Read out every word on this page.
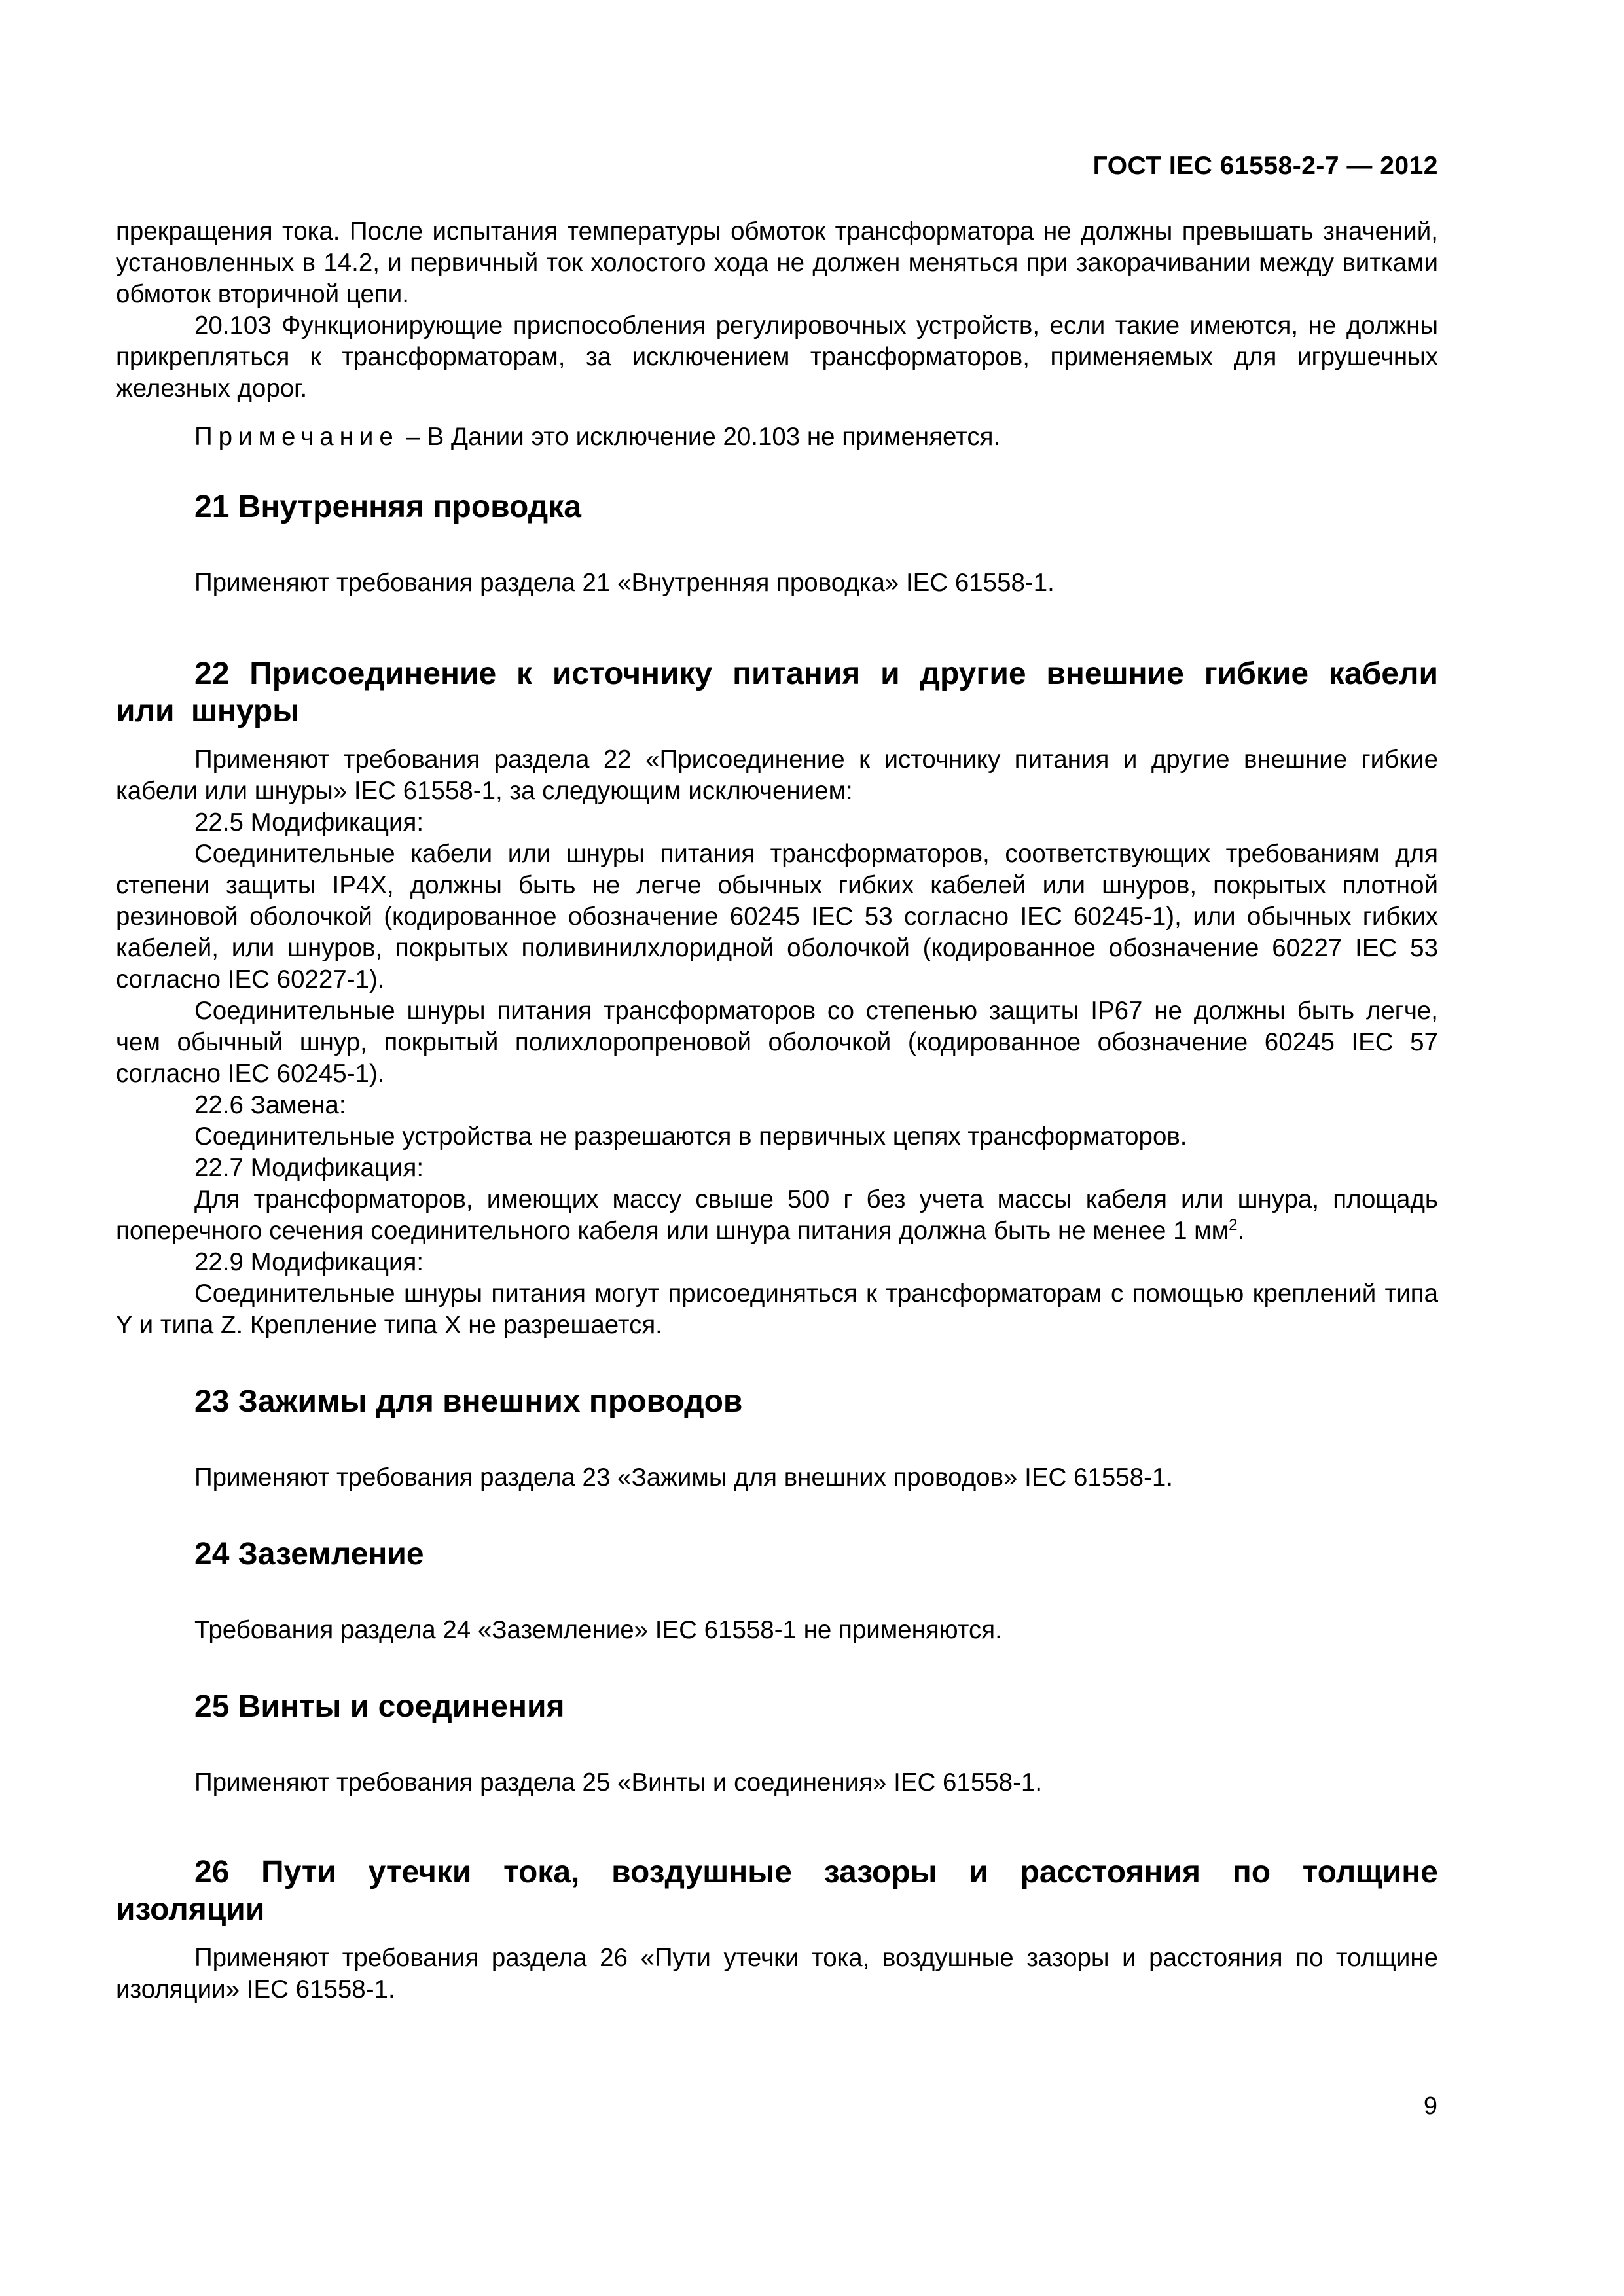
ГОСТ IEC 61558-2-7 — 2012

прекращения тока. После испытания температуры обмоток трансформатора не должны превышать значений, установленных в 14.2, и первичный ток холостого хода не должен меняться при закорачивании между витками обмоток вторичной цепи.

20.103 Функционирующие приспособления регулировочных устройств, если такие имеются, не должны прикрепляться к трансформаторам, за исключением трансформаторов, применяемых для игрушечных железных дорог.

Примечание – В Дании это исключение 20.103 не применяется.

21 Внутренняя проводка

Применяют требования раздела 21 «Внутренняя проводка» IEC 61558-1.

22 Присоединение к источнику питания и другие внешние гибкие кабели или шнуры

Применяют требования раздела 22 «Присоединение к источнику питания и другие внешние гибкие кабели или шнуры» IEC 61558-1, за следующим исключением:

22.5 Модификация:

Соединительные кабели или шнуры питания трансформаторов, соответствующих требованиям для степени защиты IP4X, должны быть не легче обычных гибких кабелей или шнуров, покрытых плотной резиновой оболочкой (кодированное обозначение 60245 IEC 53 согласно IEC 60245-1), или обычных гибких кабелей, или шнуров, покрытых поливинилхлоридной оболочкой (кодированное обозначение 60227 IEC 53 согласно IEC 60227-1).

Соединительные шнуры питания трансформаторов со степенью защиты IP67 не должны быть легче, чем обычный шнур, покрытый полихлоропреновой оболочкой (кодированное обозначение 60245 IEC 57 согласно IEC 60245-1).

22.6 Замена:

Соединительные устройства не разрешаются в первичных цепях трансформаторов.

22.7 Модификация:

Для трансформаторов, имеющих массу свыше 500 г без учета массы кабеля или шнура, площадь поперечного сечения соединительного кабеля или шнура питания должна быть не менее 1 $мм^2$.

22.9 Модификация:

Соединительные шнуры питания могут присоединяться к трансформаторам с помощью креплений типа Y и типа Z. Крепление типа X не разрешается.

23 Зажимы для внешних проводов

Применяют требования раздела 23 «Зажимы для внешних проводов» IEC 61558-1.

24 Заземление

Требования раздела 24 «Заземление» IEC 61558-1 не применяются.

25 Винты и соединения

Применяют требования раздела 25 «Винты и соединения» IEC 61558-1.

26 Пути утечки тока, воздушные зазоры и расстояния по толщине изоляции

Применяют требования раздела 26 «Пути утечки тока, воздушные зазоры и расстояния по толщине изоляции» IEC 61558-1.

9
